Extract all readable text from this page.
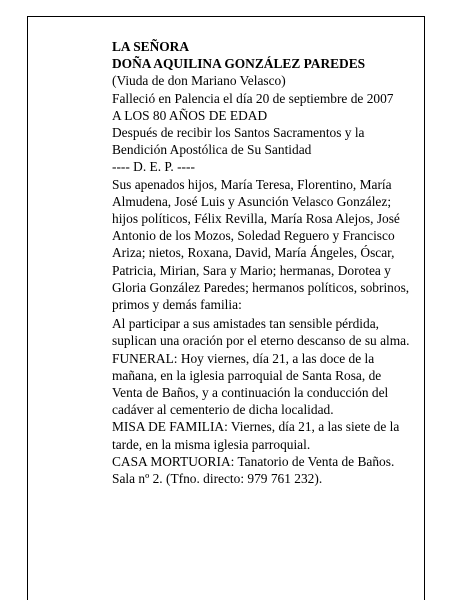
LA SEÑORA

DOÑA AQUILINA GONZÁLEZ PAREDES

(Viuda de don Mariano Velasco)

Falleció en Palencia el día 20 de septiembre de 2007

A LOS 80 AÑOS DE EDAD

Después de recibir los Santos Sacramentos y la Bendición Apostólica de Su Santidad

---- D. E. P. ----

Sus apenados hijos, María Teresa, Florentino, María Almudena, José Luis y Asunción Velasco González; hijos políticos, Félix Revilla, María Rosa Alejos, José Antonio de los Mozos, Soledad Reguero y Francisco Ariza; nietos, Roxana, David, María Ángeles, Óscar, Patricia, Mirian, Sara y Mario; hermanas, Dorotea y Gloria González Paredes; hermanos políticos, sobrinos, primos y demás familia:

Al participar a sus amistades tan sensible pérdida, suplican una oración por el eterno descanso de su alma.

FUNERAL: Hoy viernes, día 21, a las doce de la mañana, en la iglesia parroquial de Santa Rosa, de Venta de Baños, y a continuación la conducción del cadáver al cementerio de dicha localidad.

MISA DE FAMILIA: Viernes, día 21, a las siete de la tarde, en la misma iglesia parroquial.

CASA MORTUORIA: Tanatorio de Venta de Baños. Sala nº 2. (Tfno. directo: 979 761 232).
